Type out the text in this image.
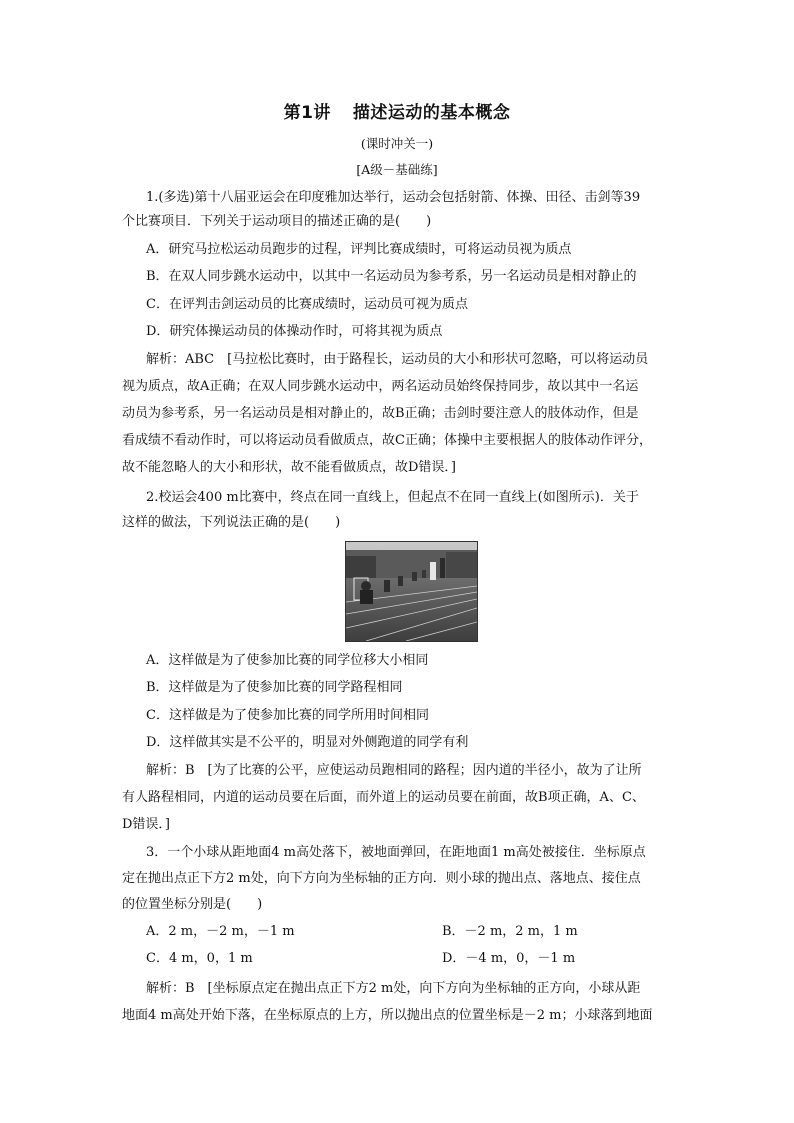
第1讲 描述运动的基本概念
(课时冲关一)
[A级－基础练]
1.(多选)第十八届亚运会在印度雅加达举行，运动会包括射箭、体操、田径、击剑等39
个比赛项目．下列关于运动项目的描述正确的是(　　)
A．研究马拉松运动员跑步的过程，评判比赛成绩时，可将运动员视为质点
B．在双人同步跳水运动中，以其中一名运动员为参考系，另一名运动员是相对静止的
C．在评判击剑运动员的比赛成绩时，运动员可视为质点
D．研究体操运动员的体操动作时，可将其视为质点
解析：ABC　[马拉松比赛时，由于路程长，运动员的大小和形状可忽略，可以将运动员
视为质点，故A正确；在双人同步跳水运动中，两名运动员始终保持同步，故以其中一名运
动员为参考系，另一名运动员是相对静止的，故B正确；击剑时要注意人的肢体动作，但是
看成绩不看动作时，可以将运动员看做质点，故C正确；体操中主要根据人的肢体动作评分，
故不能忽略人的大小和形状，故不能看做质点，故D错误．]
2.校运会400 m比赛中，终点在同一直线上，但起点不在同一直线上(如图所示)．关于
这样的做法，下列说法正确的是(　　)
A．这样做是为了使参加比赛的同学位移大小相同
B．这样做是为了使参加比赛的同学路程相同
C．这样做是为了使参加比赛的同学所用时间相同
D．这样做其实是不公平的，明显对外侧跑道的同学有利
解析：B　[为了比赛的公平，应使运动员跑相同的路程；因内道的半径小，故为了让所
有人路程相同，内道的运动员要在后面，而外道上的运动员要在前面，故B项正确，A、C、
D错误．]
3．一个小球从距地面4 m高处落下，被地面弹回，在距地面1 m高处被接住．坐标原点
定在抛出点正下方2 m处，向下方向为坐标轴的正方向．则小球的抛出点、落地点、接住点
的位置坐标分别是(　　)
A．2 m，－2 m，－1 m	B．－2 m，2 m，1 m
C．4 m，0，1 m	D．－4 m，0，－1 m
解析：B　[坐标原点定在抛出点正下方2 m处，向下方向为坐标轴的正方向，小球从距
地面4 m高处开始下落，在坐标原点的上方，所以抛出点的位置坐标是－2 m；小球落到地面
